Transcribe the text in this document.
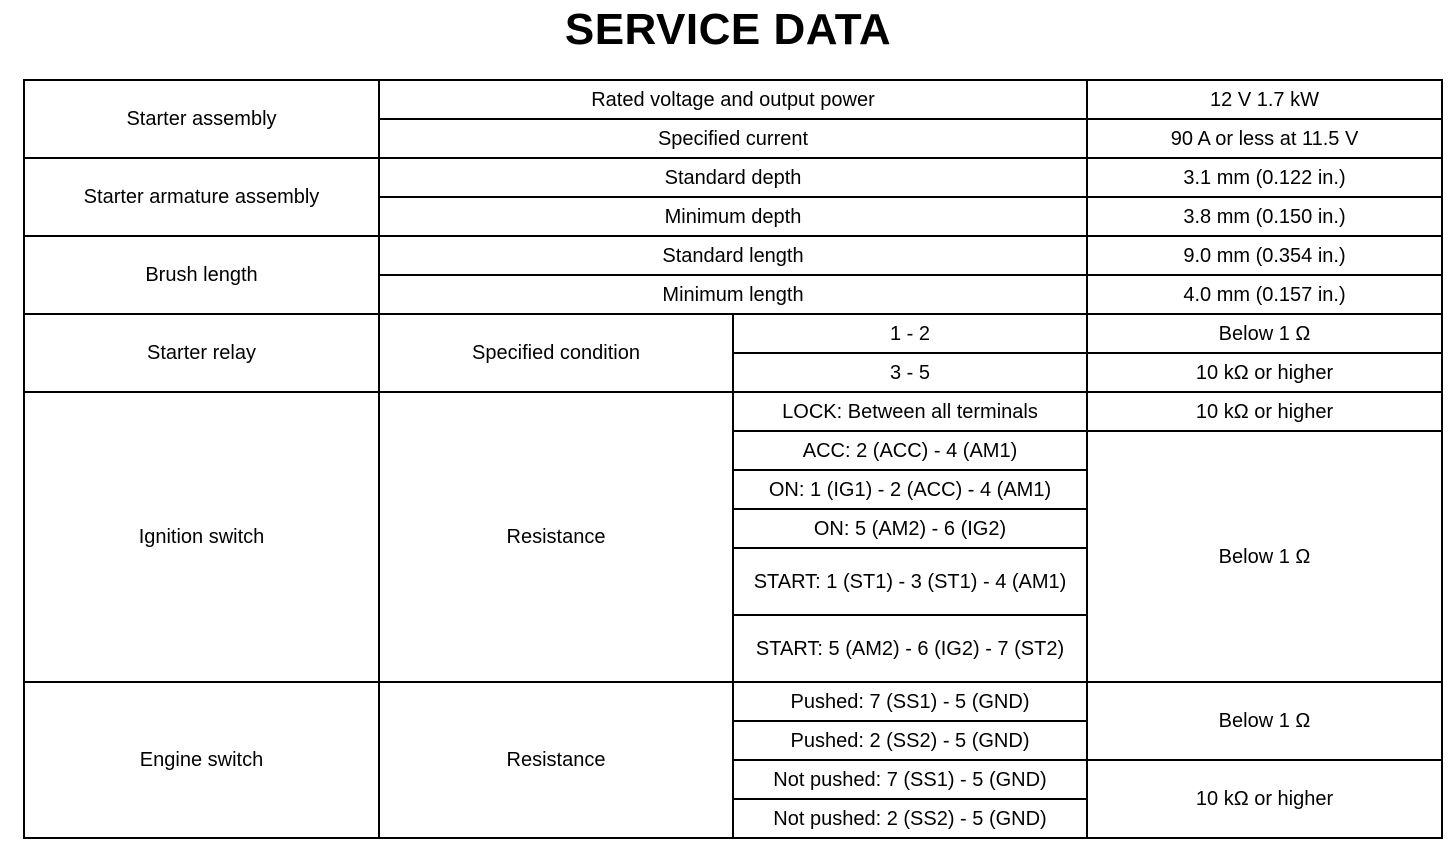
SERVICE DATA
Starter assembly	Rated voltage and output power		12 V 1.7 kW
	Specified current		90 A or less at 11.5 V
Starter armature assembly	Standard depth		3.1 mm (0.122 in.)
	Minimum depth		3.8 mm (0.150 in.)
Brush length	Standard length		9.0 mm (0.354 in.)
	Minimum length		4.0 mm (0.157 in.)
Starter relay	Specified condition	1 - 2	Below 1 Ω
		3 - 5	10 kΩ or higher
Ignition switch	Resistance	LOCK: Between all terminals	10 kΩ or higher
		ACC: 2 (ACC) - 4 (AM1)	Below 1 Ω
		ON: 1 (IG1) - 2 (ACC) - 4 (AM1)	
		ON: 5 (AM2) - 6 (IG2)	
		START: 1 (ST1) - 3 (ST1) - 4 (AM1)	
		START: 5 (AM2) - 6 (IG2) - 7 (ST2)	
Engine switch	Resistance	Pushed: 7 (SS1) - 5 (GND)	Below 1 Ω
		Pushed: 2 (SS2) - 5 (GND)	
		Not pushed: 7 (SS1) - 5 (GND)	10 kΩ or higher
		Not pushed: 2 (SS2) - 5 (GND)	
